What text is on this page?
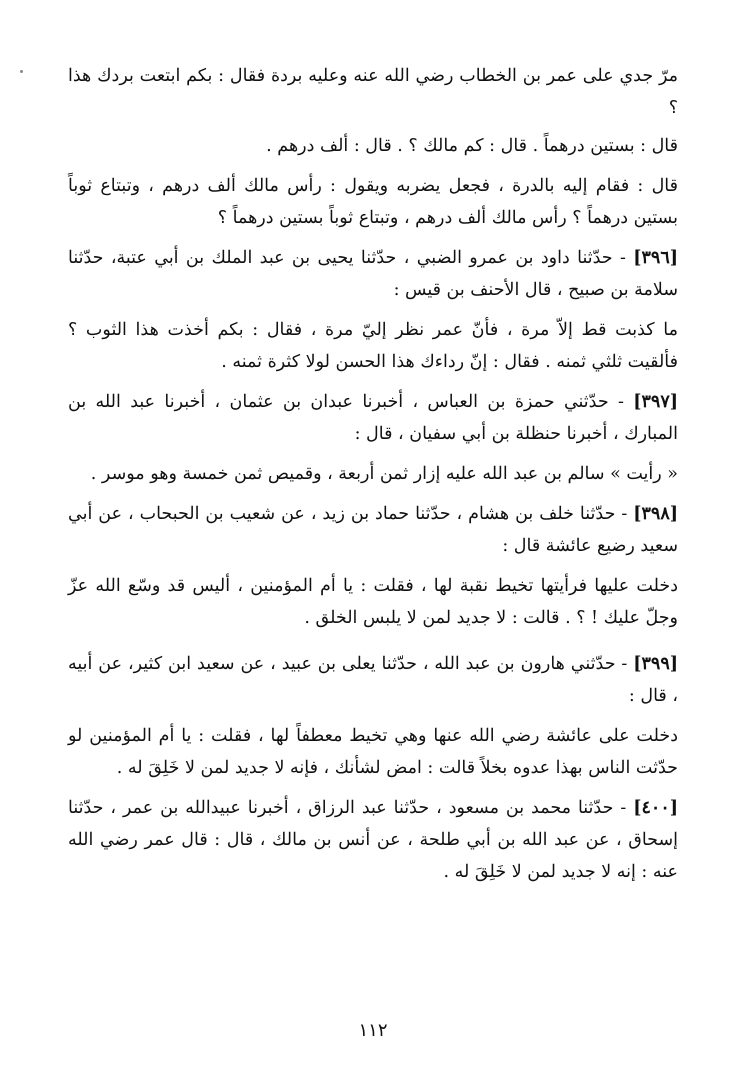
مرّ جدي على عمر بن الخطاب رضي الله عنه وعليه بردة فقال : بكم ابتعت بردك هذا ؟

قال : بستين درهماً . قال : كم مالك ؟ . قال : ألف درهم .

قال : فقام إليه بالدرة ، فجعل يضربه ويقول : رأس مالك ألف درهم ، وتبتاع ثوباً بستين درهماً ؟ رأس مالك ألف درهم ، وتبتاع ثوباً بستين درهماً ؟

[٣٩٦] - حدّثنا داود بن عمرو الضبي ، حدّثنا يحيى بن عبد الملك بن أبي عتبة، حدّثنا سلامة بن صبيح ، قال الأحنف بن قيس :

ما كذبت قط إلاّ مرة ، فأنّ عمر نظر إليّ مرة ، فقال : بكم أخذت هذا الثوب ؟ فألقيت ثلثي ثمنه . فقال : إنّ رداءك هذا الحسن لولا كثرة ثمنه .

[٣٩٧] - حدّثني حمزة بن العباس ، أخبرنا عبدان بن عثمان ، أخبرنا عبد الله بن المبارك ، أخبرنا حنظلة بن أبي سفيان ، قال :

« رأيت » سالم بن عبد الله عليه إزار ثمن أربعة ، وقميص ثمن خمسة وهو موسر .

[٣٩٨] - حدّثنا خلف بن هشام ، حدّثنا حماد بن زيد ، عن شعيب بن الحبحاب ، عن أبي سعيد رضيع عائشة قال :

دخلت عليها فرأيتها تخيط نقبة لها ، فقلت : يا أم المؤمنين ، أليس قد وسّع الله عزّ وجلّ عليك ! ؟ . قالت : لا جديد لمن لا يلبس الخلق .

[٣٩٩] - حدّثني هارون بن عبد الله ، حدّثنا يعلى بن عبيد ، عن سعيد ابن كثير، عن أبيه ، قال :

دخلت على عائشة رضي الله عنها وهي تخيط معطفاً لها ، فقلت : يا أم المؤمنين لو حدّثت الناس بهذا عدوه بخلاً قالت : امض لشأنك ، فإنه لا جديد لمن لا خَلِقَ له .

[٤٠٠] - حدّثنا محمد بن مسعود ، حدّثنا عبد الرزاق ، أخبرنا عبيدالله بن عمر ، حدّثنا إسحاق ، عن عبد الله بن أبي طلحة ، عن أنس بن مالك ، قال : قال عمر رضي الله عنه : إنه لا جديد لمن لا خَلِقَ له .

١١٢
